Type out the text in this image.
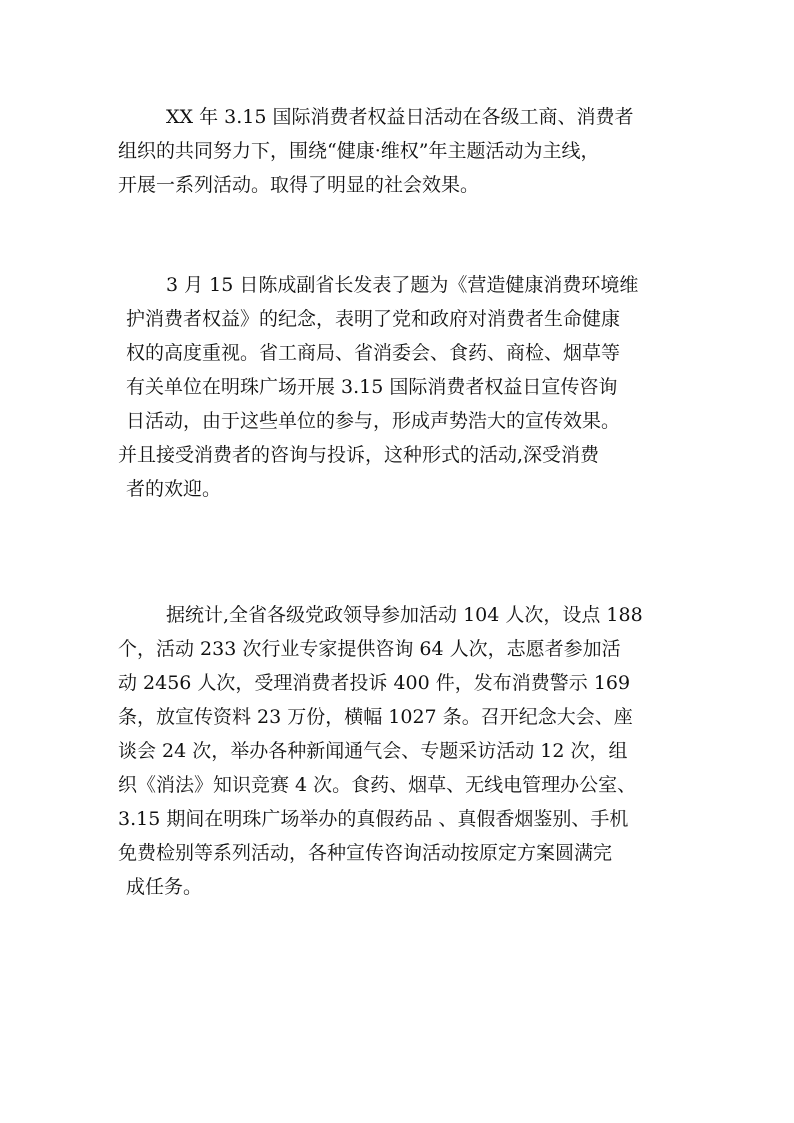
XX 年 3.15 国际消费者权益日活动在各级工商、消费者
组织的共同努力下，围绕“健康·维权”年主题活动为主线，
开展一系列活动。取得了明显的社会效果。
3 月 15 日陈成副省长发表了题为《营造健康消费环境维
护消费者权益》的纪念，表明了党和政府对消费者生命健康
权的高度重视。省工商局、省消委会、食药、商检、烟草等
有关单位在明珠广场开展 3.15 国际消费者权益日宣传咨询
日活动，由于这些单位的参与，形成声势浩大的宣传效果。
并且接受消费者的咨询与投诉，这种形式的活动,深受消费
者的欢迎。
据统计,全省各级党政领导参加活动 104 人次，设点 188
个，活动 233 次行业专家提供咨询 64 人次，志愿者参加活
动 2456 人次，受理消费者投诉 400 件，发布消费警示 169
条，放宣传资料 23 万份，横幅 1027 条。召开纪念大会、座
谈会 24 次，举办各种新闻通气会、专题采访活动 12 次，组
织《消法》知识竞赛 4 次。食药、烟草、无线电管理办公室、
3.15 期间在明珠广场举办的真假药品 、真假香烟鉴别、手机
免费检别等系列活动，各种宣传咨询活动按原定方案圆满完
成任务。
